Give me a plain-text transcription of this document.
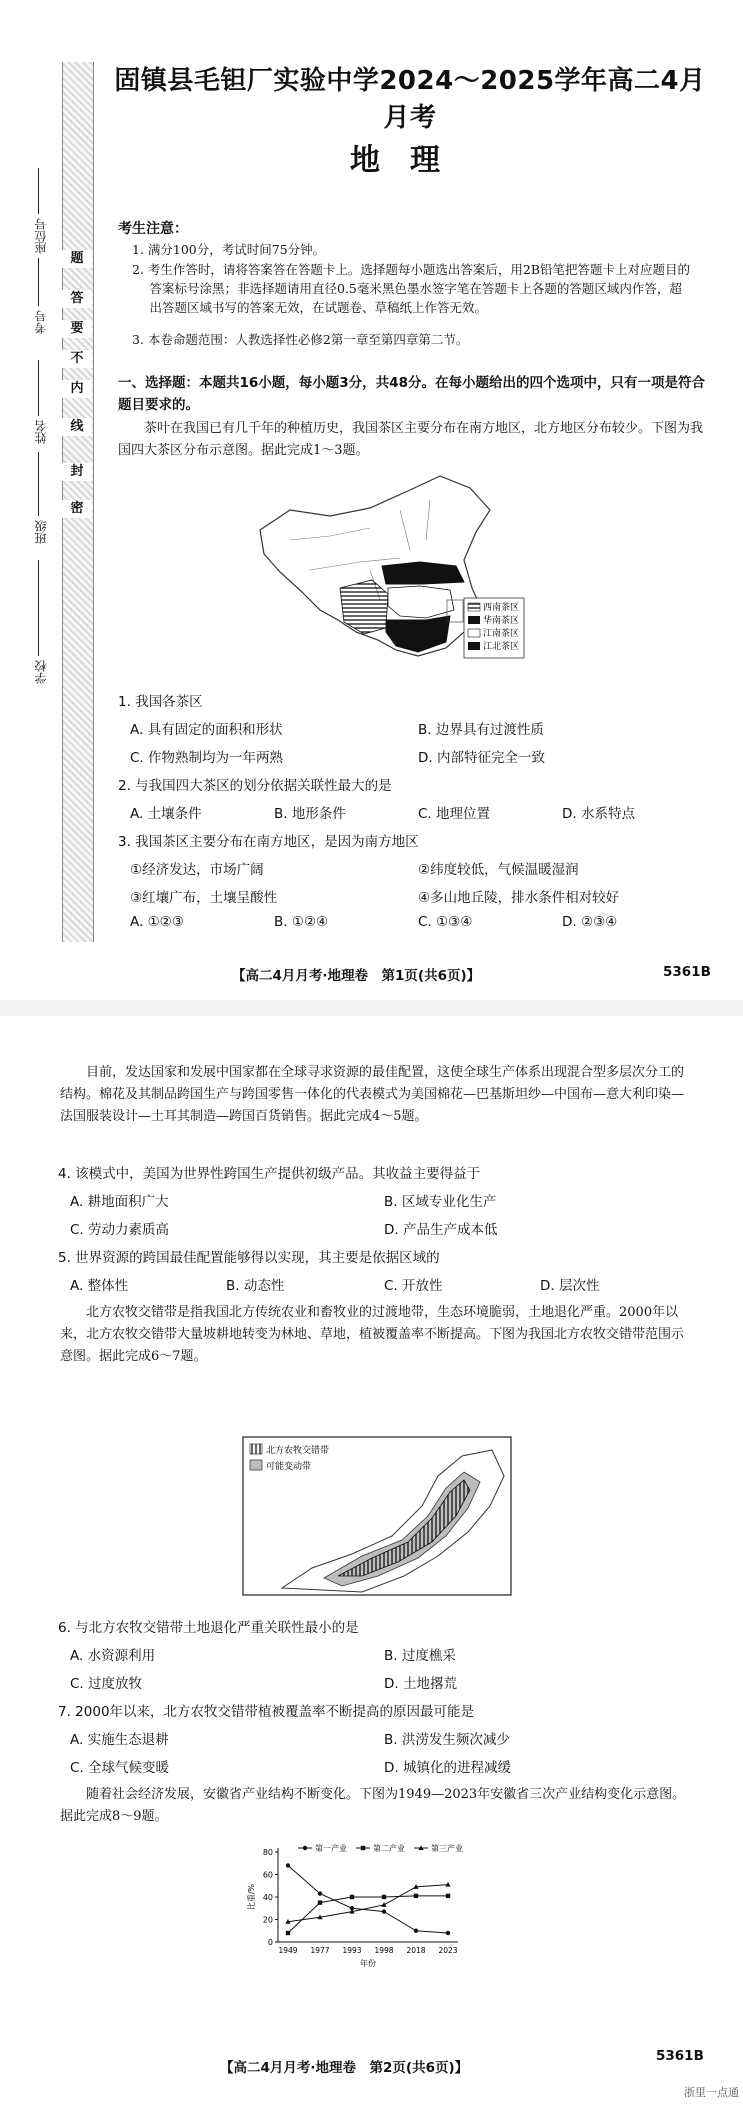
题
答
要
不
内
线
封
密
座位号
考号
姓名
班级
学校
固镇县毛钽厂实验中学2024～2025学年高二4月月考
地理
考生注意：
1. 满分100分，考试时间75分钟。
2. 考生作答时，请将答案答在答题卡上。选择题每小题选出答案后，用2B铅笔把答题卡上对应题目的答案标号涂黑；非选择题请用直径0.5毫米黑色墨水签字笔在答题卡上各题的答题区域内作答，超出答题区域书写的答案无效，在试题卷、草稿纸上作答无效。
3. 本卷命题范围：人教选择性必修2第一章至第四章第二节。
一、选择题：本题共16小题，每小题3分，共48分。在每小题给出的四个选项中，只有一项是符合题目要求的。
茶叶在我国已有几千年的种植历史，我国茶区主要分布在南方地区，北方地区分布较少。下图为我国四大茶区分布示意图。据此完成1～3题。
西南茶区
华南茶区
江南茶区
江北茶区
1. 我国各茶区
A. 具有固定的面积和形状	B. 边界具有过渡性质
C. 作物熟制均为一年两熟	D. 内部特征完全一致
2. 与我国四大茶区的划分依据关联性最大的是
A. 土壤条件	B. 地形条件	C. 地理位置	D. 水系特点
3. 我国茶区主要分布在南方地区，是因为南方地区
①经济发达，市场广阔	②纬度较低，气候温暖湿润
③红壤广布，土壤呈酸性	④多山地丘陵，排水条件相对较好
A. ①②③	B. ①②④	C. ①③④	D. ②③④
【高二4月月考·地理卷　第1页(共6页)】	5361B
目前，发达国家和发展中国家都在全球寻求资源的最佳配置，这使全球生产体系出现混合型多层次分工的结构。棉花及其制品跨国生产与跨国零售一体化的代表模式为美国棉花—巴基斯坦纱—中国布—意大利印染—法国服装设计—土耳其制造—跨国百货销售。据此完成4～5题。
4. 该模式中，美国为世界性跨国生产提供初级产品。其收益主要得益于
A. 耕地面积广大	B. 区域专业化生产
C. 劳动力素质高	D. 产品生产成本低
5. 世界资源的跨国最佳配置能够得以实现，其主要是依据区域的
A. 整体性	B. 动态性	C. 开放性	D. 层次性
北方农牧交错带是指我国北方传统农业和畜牧业的过渡地带，生态环境脆弱，土地退化严重。2000年以来，北方农牧交错带大量坡耕地转变为林地、草地，植被覆盖率不断提高。下图为我国北方农牧交错带范围示意图。据此完成6～7题。
北方农牧交错带
可能变动带
6. 与北方农牧交错带土地退化严重关联性最小的是
A. 水资源利用	B. 过度樵采
C. 过度放牧	D. 土地撂荒
7. 2000年以来，北方农牧交错带植被覆盖率不断提高的原因最可能是
A. 实施生态退耕	B. 洪涝发生频次减少
C. 全球气候变暖	D. 城镇化的进程减缓
随着社会经济发展，安徽省产业结构不断变化。下图为1949—2023年安徽省三次产业结构变化示意图。据此完成8～9题。
0
20
40
60
80
1949 1977 1993 1998 2018 2023
比重/%
年份
第一产业	第二产业	第三产业
【高二4月月考·地理卷　第2页(共6页)】
5361B
浙里一点通
